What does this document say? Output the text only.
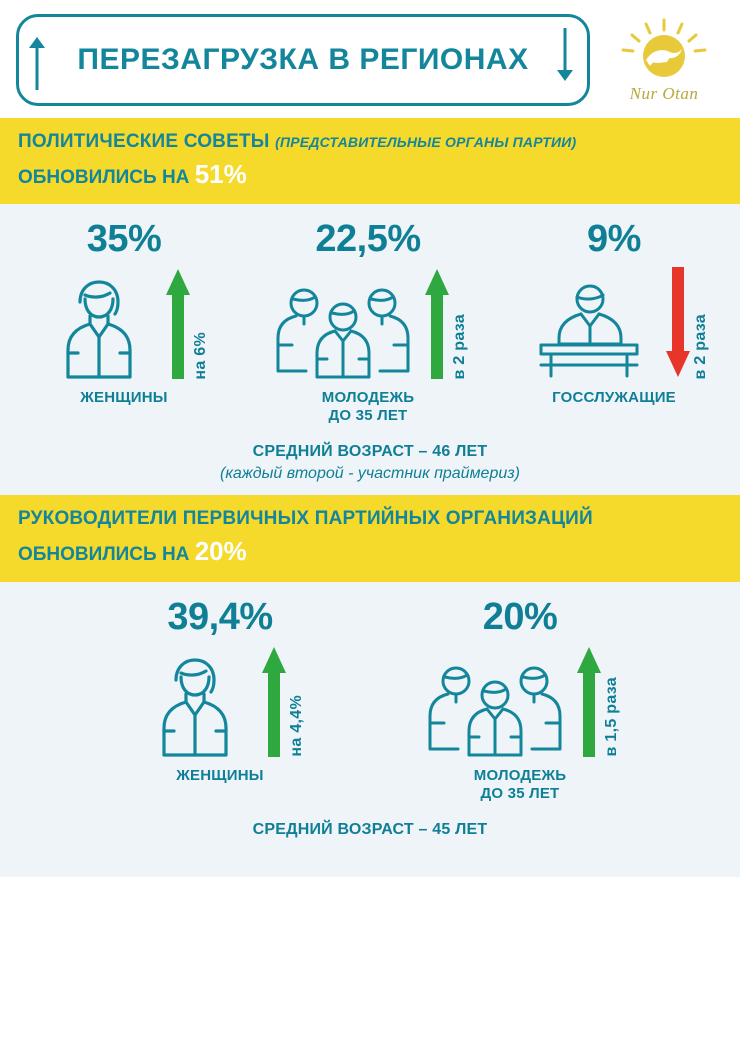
ПЕРЕЗАГРУЗКА В РЕГИОНАХ
Nur Otan
ПОЛИТИЧЕСКИЕ СОВЕТЫ (ПРЕДСТАВИТЕЛЬНЫЕ ОРГАНЫ ПАРТИИ)
ОБНОВИЛИСЬ НА 51%
35%
на 6%
ЖЕНЩИНЫ
22,5%
в 2 раза
МОЛОДЕЖЬ
ДО 35 ЛЕТ
9%
в 2 раза
ГОССЛУЖАЩИЕ
СРЕДНИЙ ВОЗРАСТ – 46 ЛЕТ
(каждый второй - участник праймериз)
РУКОВОДИТЕЛИ ПЕРВИЧНЫХ ПАРТИЙНЫХ ОРГАНИЗАЦИЙ
ОБНОВИЛИСЬ НА 20%
39,4%
на 4,4%
ЖЕНЩИНЫ
20%
в 1,5 раза
МОЛОДЕЖЬ
ДО 35 ЛЕТ
СРЕДНИЙ ВОЗРАСТ – 45 ЛЕТ
